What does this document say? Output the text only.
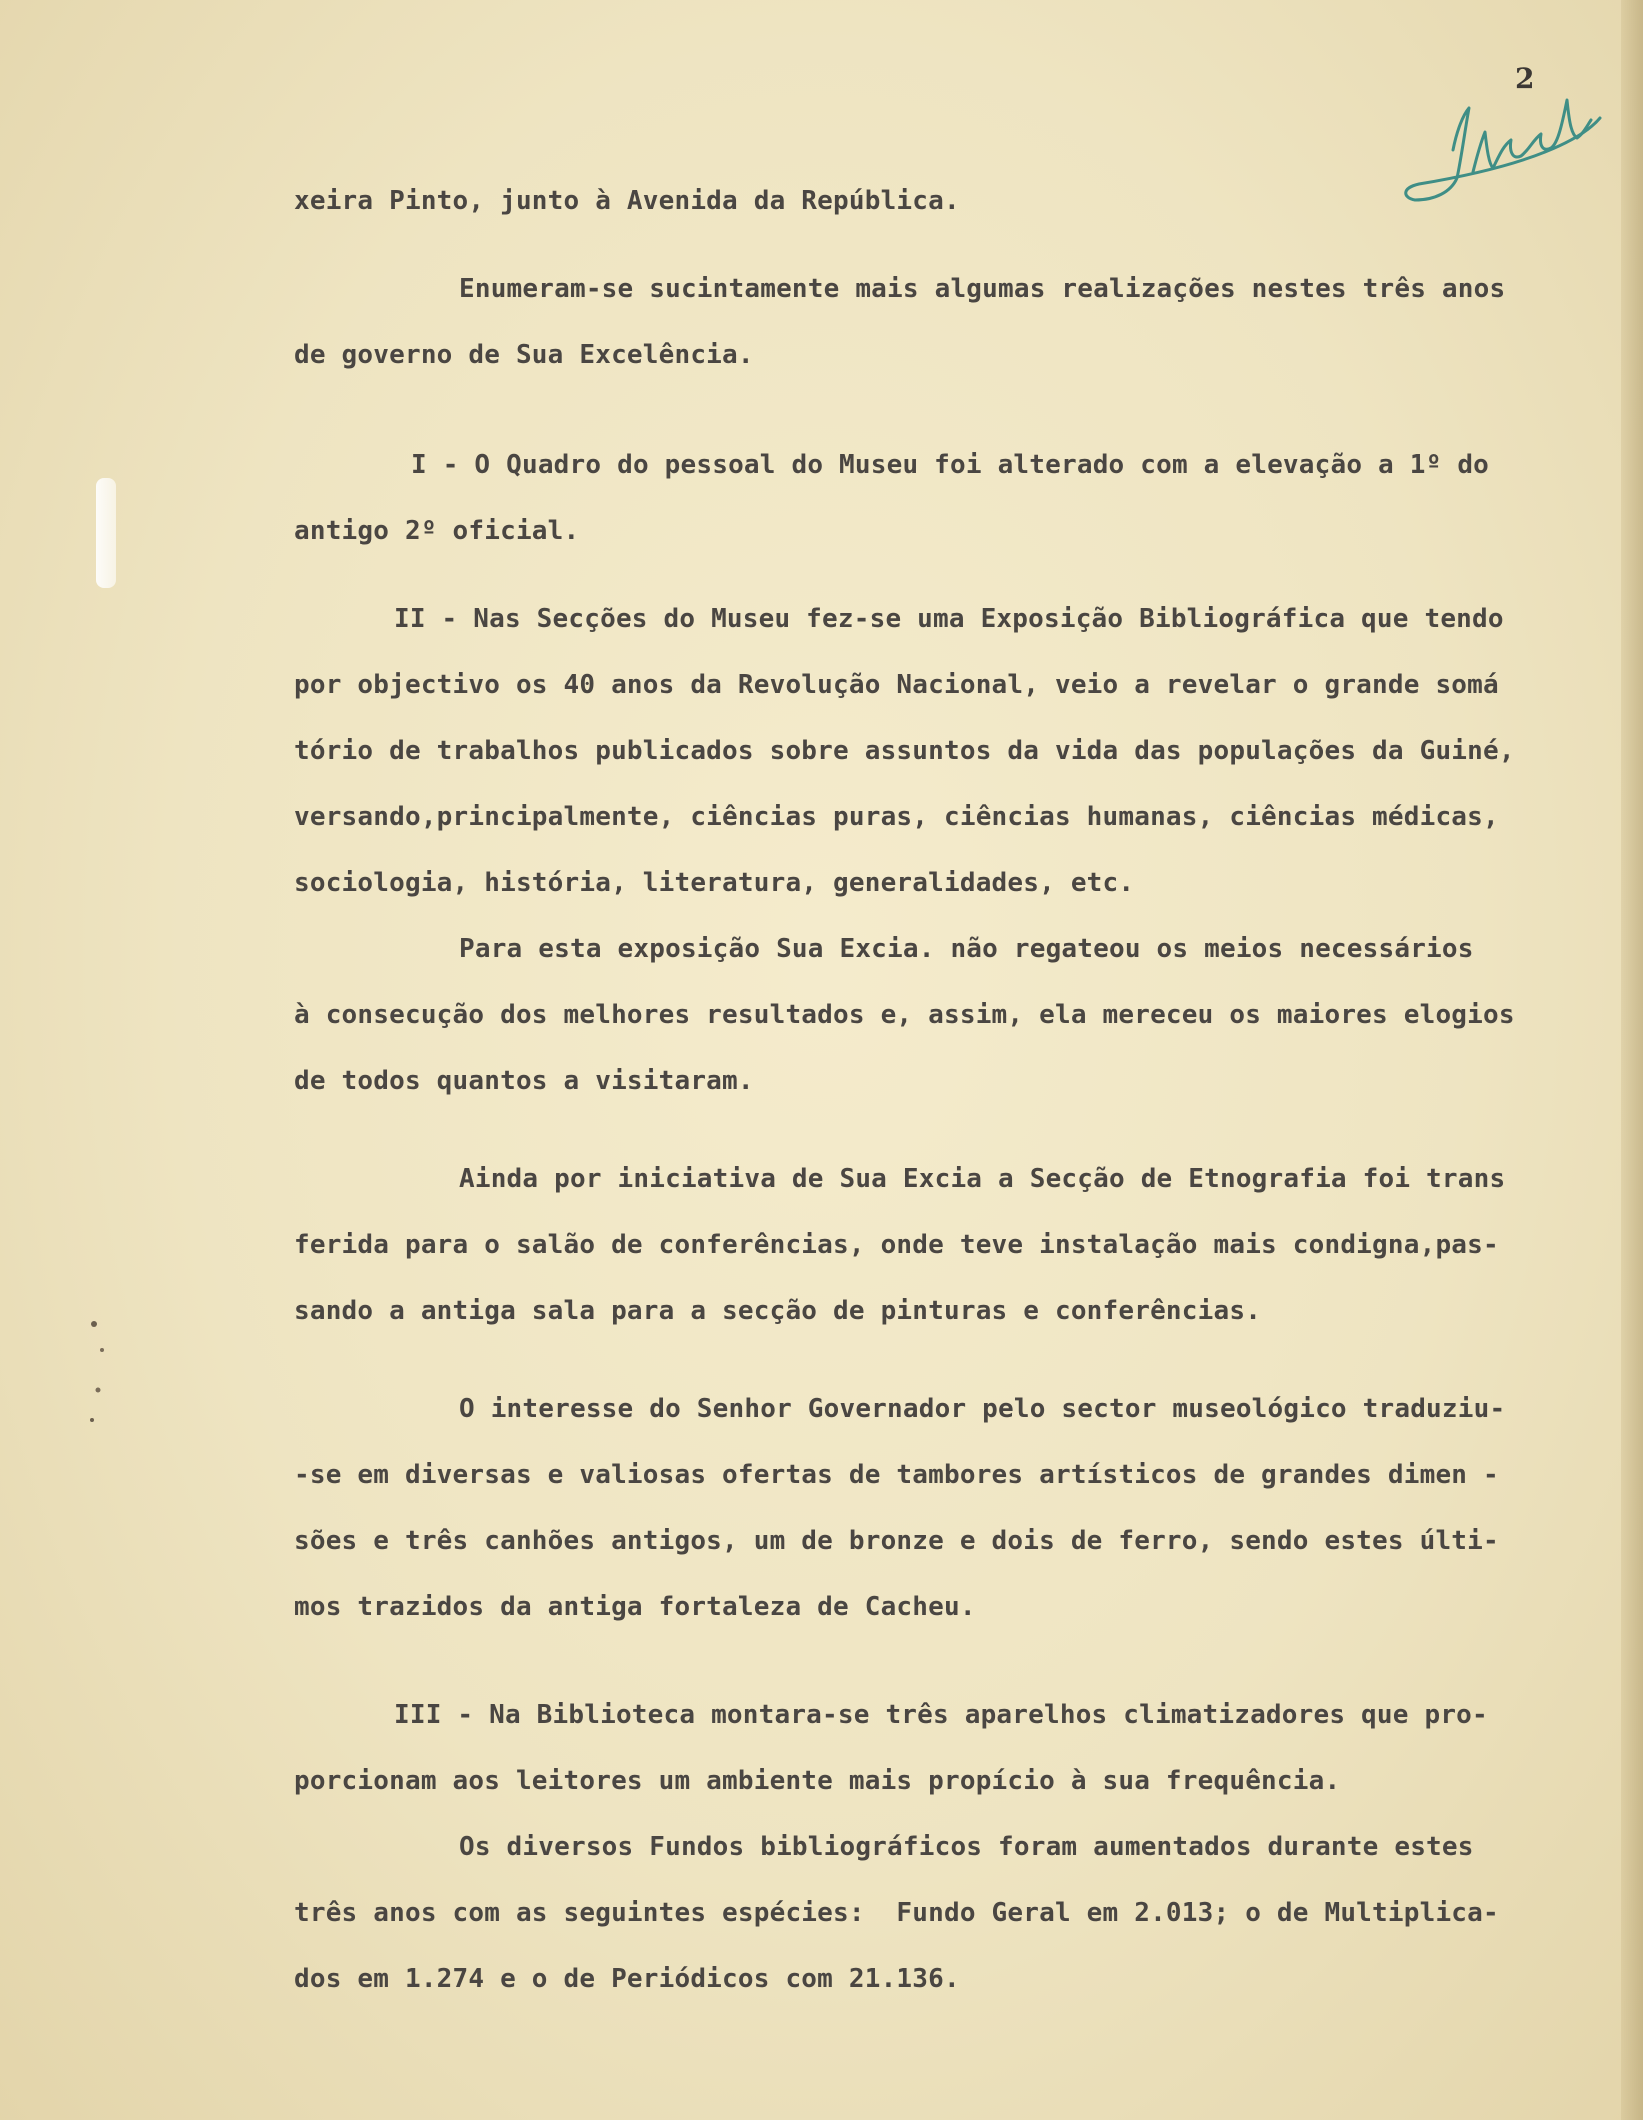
2
xeira Pinto, junto à Avenida da República.
Enumeram-se sucintamente mais algumas realizações nestes três anos
de governo de Sua Excelência.
I - O Quadro do pessoal do Museu foi alterado com a elevação a 1º do
antigo 2º oficial.
II - Nas Secções do Museu fez-se uma Exposição Bibliográfica que tendo
por objectivo os 40 anos da Revolução Nacional, veio a revelar o grande somá
tório de trabalhos publicados sobre assuntos da vida das populações da Guiné,
versando,principalmente, ciências puras, ciências humanas, ciências médicas,
sociologia, história, literatura, generalidades, etc.
Para esta exposição Sua Excia. não regateou os meios necessários
à consecução dos melhores resultados e, assim, ela mereceu os maiores elogios
de todos quantos a visitaram.
Ainda por iniciativa de Sua Excia a Secção de Etnografia foi trans
ferida para o salão de conferências, onde teve instalação mais condigna,pas-
sando a antiga sala para a secção de pinturas e conferências.
O interesse do Senhor Governador pelo sector museológico traduziu-
-se em diversas e valiosas ofertas de tambores artísticos de grandes dimen -
sões e três canhões antigos, um de bronze e dois de ferro, sendo estes últi-
mos trazidos da antiga fortaleza de Cacheu.
III - Na Biblioteca montara-se três aparelhos climatizadores que pro-
porcionam aos leitores um ambiente mais propício à sua frequência.
Os diversos Fundos bibliográficos foram aumentados durante estes
três anos com as seguintes espécies:  Fundo Geral em 2.013; o de Multiplica-
dos em 1.274 e o de Periódicos com 21.136.
